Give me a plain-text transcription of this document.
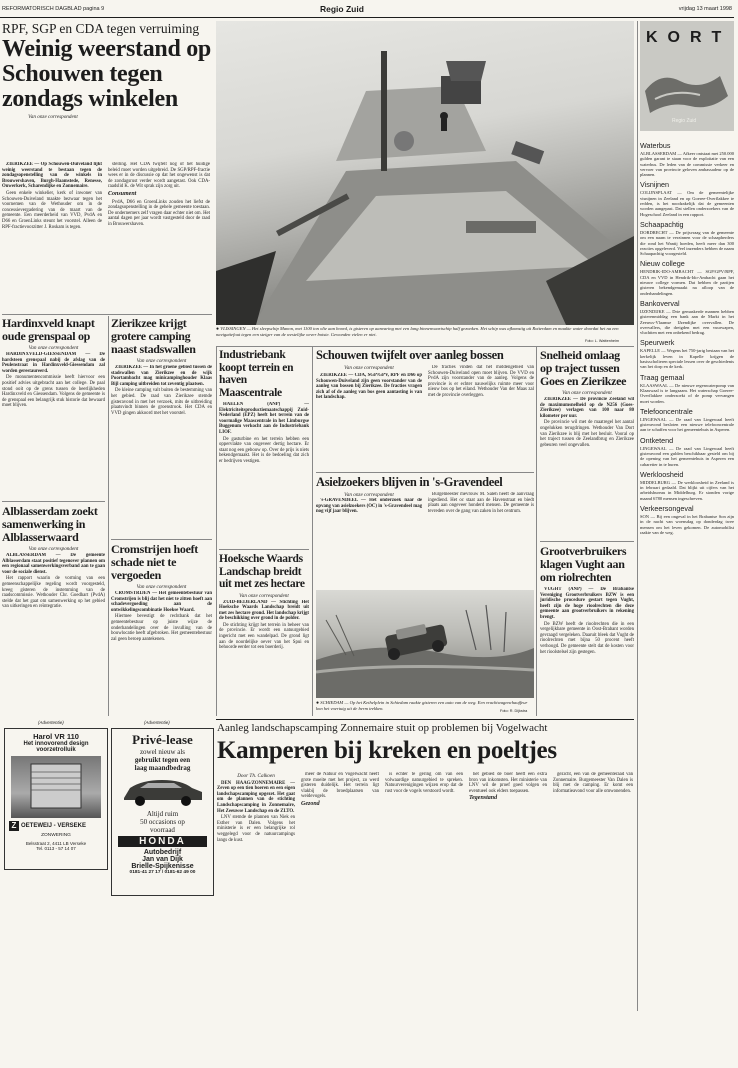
REFORMATORISCH DAGBLAD pagina 9	Regio Zuid	vrijdag 13 maart 1998
RPF, SGP en CDA tegen verruiming
Weinig weerstand op Schouwen tegen zondags winkelen
Van onze correspondent

ZIERIKZEE — Op Schouwen-Duiveland lijkt weinig weerstand te bestaan tegen de zondagsopenstelling van de winkels in Brouwershaven, Burgh-Haamstede, Renesse, Ouwerkerk, Scharendijke en Zonnemaire.

Geen enkele winkelier, kerk of inwoner van Schouwen-Duiveland maakte bezwaar tegen het voornemen van de Wethouder om in de concessievergadering van de maart van de gemeente. Een meerderheid van VVD, PvdA en D66 en GroenLinks steunt het voorstel. Alleen de RPF-fractievoorzitter J. Roskam is tegen.

stelling. Het CDA twijfelt nog of het huidige beleid moet worden uitgebreid. De SGP/RPF-fractie wees er in de discussie op dat het ongewenst is dat de zondagsrust verder wordt aangetast. Ook CDA-raadslid K. de Wit sprak zijn zorg uit.

Consument

PvdA, D66 en GroenLinks zouden het liefst de zondagsopenstelling in de gehele gemeente toestaan. De ondernemers zelf vragen daar echter niet om. Het aantal dagen per jaar wordt vastgesteld door de raad in Brouwershaven.

● VLISSINGEN — Het sleepschip Manon, met 1100 ton olie aan boord, is gisteren op aanvaring met een lang binnenvaartschip half gezonken. Het schip was afkomstig uit Rotterdam en maakte water doordat het na een navigatiefout tegen een steiger van de westelijke oever botste. Gewonden vielen er niet.
Foto: L. Wattenheim
KORT
Regio Zuid
Waterbus
ALBLASSERDAM — Afkeer ontstaat met 250.000 gulden garant te staan voor de exploitatie van een waterbus. De leden van de commissie verkeer en vervoer van provincie geloven ambassadeur op de plannen.
Visnijnen
COLIJNSPLAAT — Om de gemeentelijke visnijnen in Zeeland en op Goeree-Overflakkee te redden, is het noodzakelijk dat de gemeenten worden aangepast. Dat stellen onderzoekers van de Hogeschool Zeeland in een rapport.
Schaapachtig
DORDRECHT — De prijsvraag van de gemeente om een naam te verzinnen voor de schaapherders die rond het Wantij hoeden, heeft meer dan 300 reacties opgeleverd. Veel inzenders hebben de naam Schaapachtig voorgesteld.
Nieuw college
HENDRIK-IDO-AMBACHT — SGP/GPV/RPF, CDA en VVD in Hendrik-Ido-Ambacht gaan het nieuwe college vormen. Dat hebben de partijen gisteren bekendgemaakt na afloop van de onderhandelingen.
Bankoverval
IJZENDIJKE — Drie gemaskerde mannen hebben gisterenmiddag een bank aan de Markt in het Zeeuws-Vlaamse IJzendijke overvallen. De overvallers, die dreigden met een vuurwapen, vluchtten met een onbekend bedrag.
Speurwerk
KAPELLE — Wegens het 750-jarig bestaan van het kerkelijk leven in Kapelle krijgen de basisscholieren speciale lessen over de geschiedenis van het dorp en de kerk.
Traag gemaal
KLAASWAAL — De nieuwe regenwaterpomp van Klaaswaal is te langzaam. Het waterschap Goeree-Overflakkee onderzoekt of de pomp vervangen moet worden.
Telefooncentrale
LINGEWAAL — De raad van Lingewaal heeft gisteravond besloten een nieuwe telefooncentrale aan te schaffen voor het gemeentehuis in Asperen.
Ontketend
LINGEWAAL — De raad van Lingewaal heeft gisteravond een gulden beschikbaar gesteld om bij de opening van het gemeentehuis in Asperen een cabaretier in te huren.
Werkloosheid
MIDDELBURG — De werkloosheid in Zeeland is in februari gedaald. Dat blijkt uit cijfers van het arbeidsbureau in Middelburg. Er stonden vorige maand 6780 mensen ingeschreven.
Verkeersongeval
SON — Bij een ongeval in het Brabantse Son zijn in de nacht van woensdag op donderdag twee mensen om het leven gekomen. De automobilist raakte van de weg.
Hardinxveld knapt oude grenspaal op
Van onze correspondent

HARDINXVELD-GIESSENDAM — De hardsteen grenspaal nabij de afslag van de Peulenstraat in Hardinxveld-Giessendam zal worden gerestaureerd.

De monumentencommissie heeft hiervoor een positief advies uitgebracht aan het college. De paal stond ooit op de grens tussen de heerlijkheden Hardinxveld en Giessendam. Volgens de gemeente is de grenspaal een belangrijk stuk historie dat bewaard moet blijven.

Alblasserdam zoekt samenwerking in Alblasserwaard
Van onze correspondent

ALBLASSERDAM — De gemeente Alblasserdam staat positief tegenover plannen om een regionaal samenwerkingsverband aan te gaan voor de sociale dienst.

Het rapport waarin de vorming van een gemeenschappelijke regeling wordt voorgesteld, kreeg gisteren de instemming van de raadscommissie. Wethouder Chr. Goedhart (PvdA) stelde dat het gaat om samenwerking op het gebied van uitkeringen en reïntegratie.

Zierikzee krijgt grotere camping naast stadswallen
Van onze correspondent

ZIERIKZEE — In het groene gebied tussen de stadswallen van Zierikzee en de wijk Poortambacht mag minicampinghouder Klaas Bijl camping uitbreiden tot zeventig plaatsen.

De kleine camping valt buiten de bestemming van het gebied. De raad van Zierikzee stemde gisteravond in met het verzoek, mits de uitbreiding plaatsvindt binnen de groenstrook. Het CDA en VVD gingen akkoord met het voorstel.

Cromstrijen hoeft schade niet te vergoeden
Van onze correspondent

CROMSTRIJEN — Het gemeentebestuur van Cromstrijen is blij dat het niet te zitten hoeft aan schadevergoeding aan de ontwikkelingscombinatie Hoekse Waard.

Hiermee bevestigt de rechtbank dat het gemeentebestuur op juiste wijze de onderhandelingen over de invulling van de bouwlocatie heeft afgebroken. Het gemeentebestuur zal geen beroep aantekenen.

Industriebank koopt terrein en haven Maascentrale

HAELEN (ANP) — Elektriciteitsproductiemaatschappij Zuid-Nederland (EPZ) heeft het terrein van de voormalige Maascentrale in het Limburgse Buggenum verkocht aan de Industriebank LIOF.

De gasturbine en het terrein hebben een oppervlakte van ongeveer dertig hectare. Er staat nog een gebouw op. Over de prijs is niets bekendgemaakt. Het is de bedoeling dat zich er bedrijven vestigen.

Hoeksche Waards Landschap breidt uit met zes hectare
Van onze correspondent

ZUID-BEIJERLAND — Stichting Het Hoeksche Waards Landschap breidt uit met zes hectare grond. Het landschap krijgt de beschikking over grond in de polder.

De stichting krijgt het terrein in beheer van de provincie. Er wordt een natuurgebied ingericht met een wandelpad. De grond ligt aan de noordelijke oever van het Spui en behoorde eerder tot een boerderij.

Schouwen twijfelt over aanleg bossen
Van onze correspondent

ZIERIKZEE — CDA, SGP/GPV, RPF en D66 op Schouwen-Duiveland zijn geen voorstander van de aanleg van bossen bij Zierikzee. De fracties vragen zich af of de aanleg van bos geen aantasting is van het landschap.

De fracties vinden dat het middengebied van Schouwen-Duiveland open moet blijven. De VVD en PvdA zijn voorstander van de aanleg. Volgens de provincie is er echter nauwelijks ruimte meer voor nieuw bos op het eiland. Wethouder Van der Maas zal met de provincie overleggen.

Asielzoekers blijven in 's-Gravendeel
Van onze correspondent

's-GRAVENDEEL — Het onderzoek naar de opvang van asielzoekers (OC) in 's-Gravendeel mag nog vijf jaar blijven.

Burgemeester mevrouw M. Saleh heeft de aanvraag ingediend. Het oc staat aan de Havenstraat en biedt plaats aan ongeveer honderd mensen. De gemeente is tevreden over de gang van zaken in het centrum.

● SCHIEDAM — Op het Kethelplein in Schiedam raakte gisteren een auto van de weg. Een vrachtwagenchauffeur kon het voertuig uit de berm trekken.	Foto: R. Dijkstra
Snelheid omlaag op traject tussen Goes en Zierikzee
Van onze correspondent

ZIERIKZEE — De provincie Zeeland wil de maximumsnelheid op de N256 (Goes-Zierikzee) verlagen van 100 naar 80 kilometer per uur.

De provincie wil met de maatregel het aantal ongelukken terugdringen. Wethouder Van Dort van Zierikzee is blij met het besluit. Vooral op het traject tussen de Zeelandbrug en Zierikzee gebeuren veel ongevallen.

Grootverbruikers klagen Vught aan om riolrechten

VUGHT (ANP) — De Brabantse Vereniging Grootverbruikers BZW is een juridische procedure gestart tegen Vught, heeft zijn de hoge rioolrechten die deze gemeente aan grootverbruikers in rekening brengt.

De BZW heeft de rioolrechten die in een vergelijkbare gemeente in Oost-Brabant worden gevraagd vergeleken. Daaruit bleek dat Vught de rioolrechten met bijna 50 procent heeft verhoogd. De gemeente stelt dat de kosten voor het rioolstelsel zijn gestegen.

(Advertentie)
Harol VR 110
Het innovorend design
voorzetrolluik
Z OETEWEIJ - VERSEKE
ZONWERING
Belsstraat 2, 4411 LB Verseke
Tel. 0113 - 57 14 07
(Advertentie)
Privé-lease
zowel nieuw als
gebruikt tegen een
laag maandbedrag
Altijd ruim
50 occasions op
voorraad
HONDA
Autobedrijf
Jan van Dijk
Brielle-Spijkenisse
0181-41 27 17 / 0181-62 49 00
Aanleg landschapscamping Zonnemaire stuit op problemen bij Vogelwacht
Kamperen bij kreken en poeltjes
Door Th. Calkoen

DEN HAAG/ZONNEMAIRE — Zeven op een tien boeren en een eigen landschapscamping opgezet. Het gaat om de plannen van de stichting Landschapscamping in Zonnemaire, Het Zeeuwse Landschap en de ZLTO.

LNV stemde de plannen van Niek en Esther van Dalen. Volgens het ministerie is er een belangrijke rol weggelegd voor de natuurcampings langs de kust.

meer de Natuur en Vogelwacht heeft grote moeite met het project, zo werd gisteren duidelijk. Het terrein ligt vlakbij de broedplaatsen van weidevogels.

Gezond

is echter te gering om van een volwaardige natuurgebied te spreken. Natuurverenigingen wijzen erop dat de rust voor de vogels verstoord wordt.

het gebied de boer heeft een extra bron van inkomsten. Het ministerie van LNV wil de proef goed volgen en eventueel ook elders toepassen.

Tegenstand

gezicht, een van de gemeenteraad van Zonnemaire. Burgemeester Van Dalen is blij met de camping. Er komt een informatieavond voor alle omwonenden.
